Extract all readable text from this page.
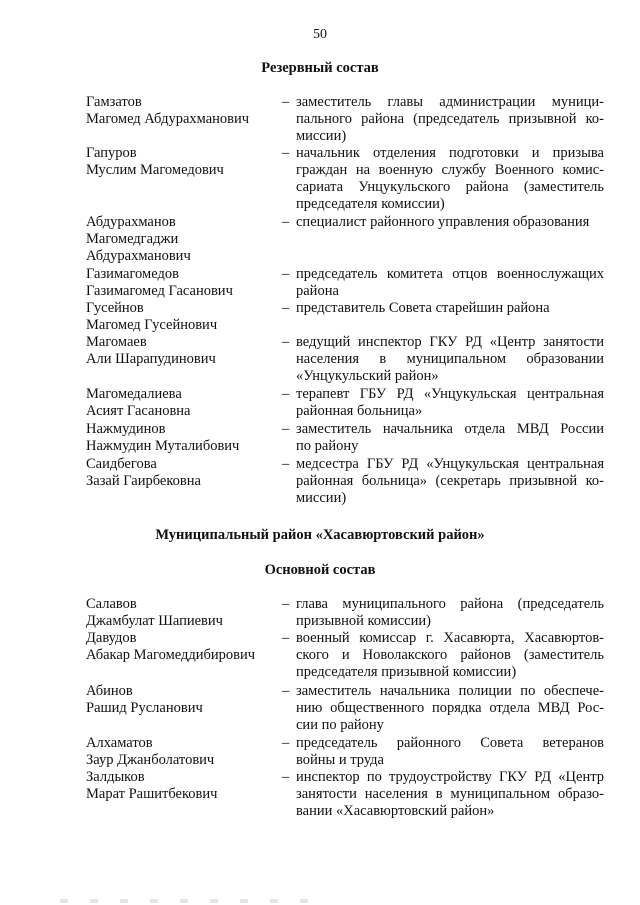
50
Резервный состав
Гамзатов
Магомед Абдурахманович
– заместитель главы администрации муници-
пального района (председатель призывной ко-
миссии)
Гапуров
Муслим Магомедович
– начальник отделения подготовки и призыва
граждан на военную службу Военного комис-
сариата Унцукульского района (заместитель
председателя комиссии)
Абдурахманов
Магомедгаджи
Абдурахманович
– специалист районного управления образования
Газимагомедов
Газимагомед Гасанович
– председатель комитета отцов военнослужащих
района
Гусейнов
Магомед Гусейнович
– представитель Совета старейшин района
Магомаев
Али Шарапудинович
– ведущий инспектор ГКУ РД «Центр занятости
населения в муниципальном образовании
«Унцукульский район»
Магомедалиева
Асият Гасановна
– терапевт ГБУ РД «Унцукульская центральная
районная больница»
Нажмудинов
Нажмудин Муталибович
– заместитель начальника отдела МВД России
по району
Саидбегова
Зазай Гаирбековна
– медсестра ГБУ РД «Унцукульская центральная
районная больница» (секретарь призывной ко-
миссии)
Муниципальный район «Хасавюртовский район»
Основной состав
Салавов
Джамбулат Шапиевич
– глава муниципального района (председатель
призывной комиссии)
Давудов
Абакар Магомеддибирович
– военный комиссар г. Хасавюрта, Хасавюртов-
ского и Новолакского районов (заместитель
председателя призывной комиссии)
Абинов
Рашид Русланович
– заместитель начальника полиции по обеспече-
нию общественного порядка отдела МВД Рос-
сии по району
Алхаматов
Заур Джанболатович
– председатель районного Совета ветеранов
войны и труда
Залдыков
Марат Рашитбекович
– инспектор по трудоустройству ГКУ РД «Центр
занятости населения в муниципальном образо-
вании «Хасавюртовский район»
